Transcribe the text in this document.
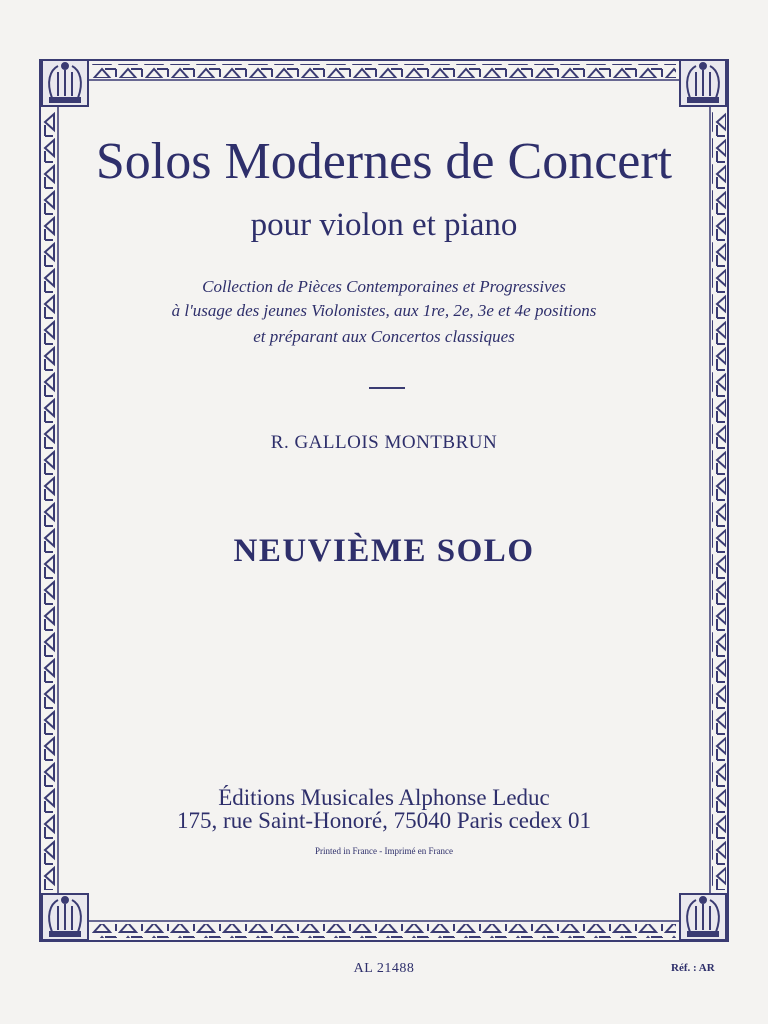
Solos Modernes de Concert
pour violon et piano
Collection de Pièces Contemporaines et Progressives
à l'usage des jeunes Violonistes, aux 1re, 2e, 3e et 4e positions
et préparant aux Concertos classiques
R. GALLOIS MONTBRUN
NEUVIÈME SOLO
Éditions Musicales Alphonse Leduc
175, rue Saint-Honoré, 75040 Paris cedex 01
Printed in France - Imprimé en France
AL 21488	Réf. : AR
